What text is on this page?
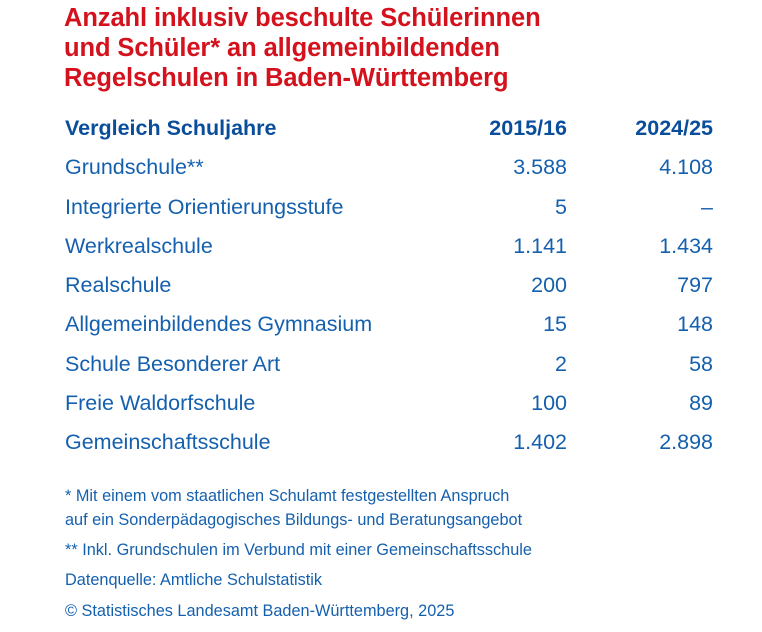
Anzahl inklusiv beschulte Schülerinnen
und Schüler* an allgemeinbildenden
Regelschulen in Baden-Württemberg
Vergleich Schuljahre	2015/16	2024/25
Grundschule**	3.588	4.108
Integrierte Orientierungsstufe	5	–
Werkrealschule	1.141	1.434
Realschule	200	797
Allgemeinbildendes Gymnasium	15	148
Schule Besonderer Art	2	58
Freie Waldorfschule	100	89
Gemeinschaftsschule	1.402	2.898
* Mit einem vom staatlichen Schulamt festgestellten Anspruch
auf ein Sonderpädagogisches Bildungs- und Beratungsangebot
** Inkl. Grundschulen im Verbund mit einer Gemeinschaftsschule
Datenquelle: Amtliche Schulstatistik
© Statistisches Landesamt Baden-Württemberg, 2025
